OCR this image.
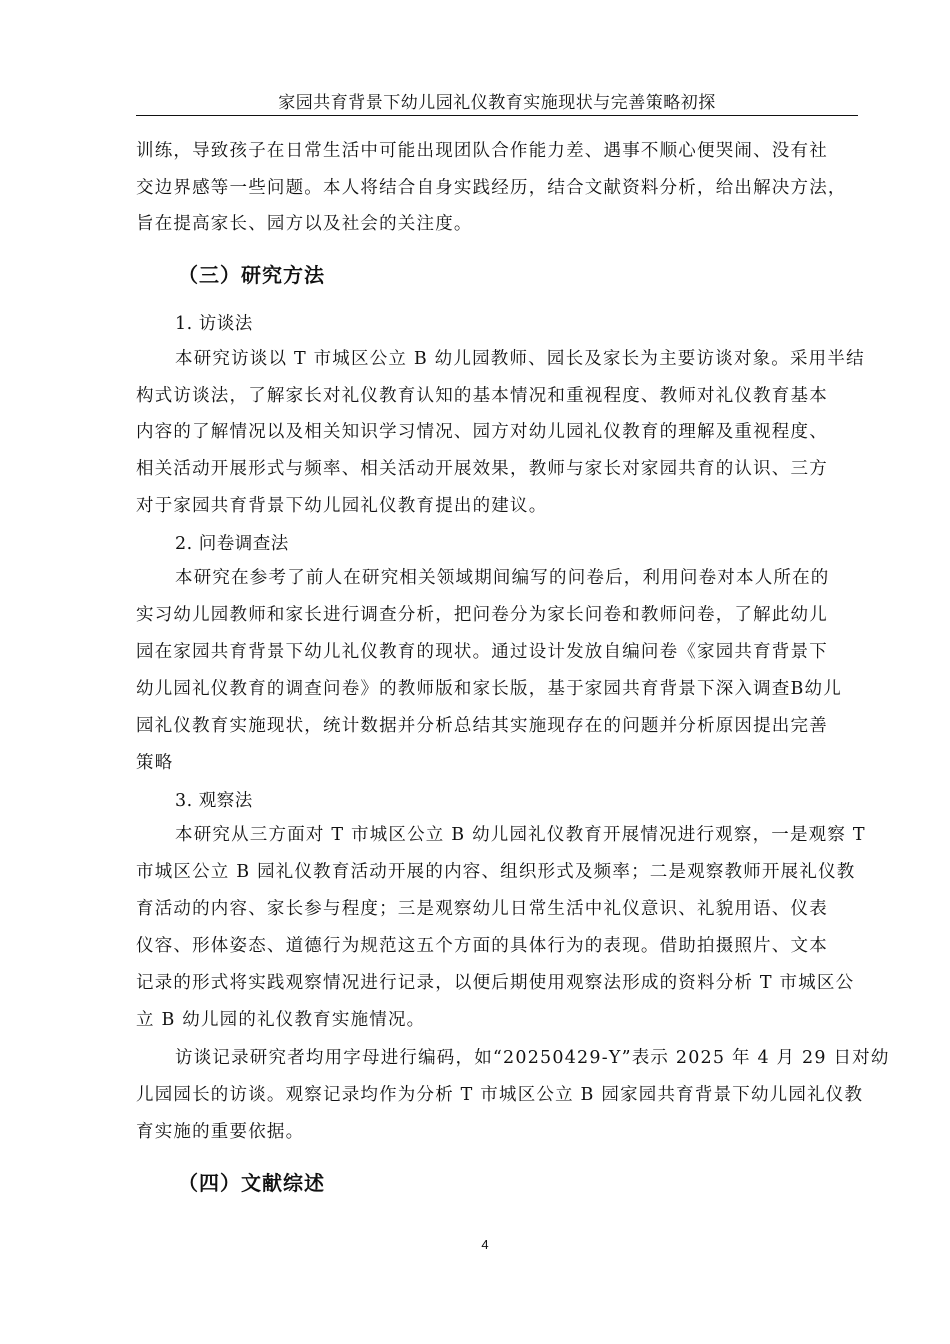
家园共育背景下幼儿园礼仪教育实施现状与完善策略初探
训练，导致孩子在日常生活中可能出现团队合作能力差、遇事不顺心便哭闹、没有社
交边界感等一些问题。本人将结合自身实践经历，结合文献资料分析，给出解决方法，
旨在提高家长、园方以及社会的关注度。
（三）研究方法
1. 访谈法
本研究访谈以 T 市城区公立 B 幼儿园教师、园长及家长为主要访谈对象。采用半结
构式访谈法，了解家长对礼仪教育认知的基本情况和重视程度、教师对礼仪教育基本
内容的了解情况以及相关知识学习情况、园方对幼儿园礼仪教育的理解及重视程度、
相关活动开展形式与频率、相关活动开展效果，教师与家长对家园共育的认识、三方
对于家园共育背景下幼儿园礼仪教育提出的建议。
2. 问卷调查法
本研究在参考了前人在研究相关领域期间编写的问卷后，利用问卷对本人所在的
实习幼儿园教师和家长进行调查分析，把问卷分为家长问卷和教师问卷，了解此幼儿
园在家园共育背景下幼儿礼仪教育的现状。通过设计发放自编问卷《家园共育背景下
幼儿园礼仪教育的调查问卷》的教师版和家长版，基于家园共育背景下深入调查B幼儿
园礼仪教育实施现状，统计数据并分析总结其实施现存在的问题并分析原因提出完善
策略
3. 观察法
本研究从三方面对 T 市城区公立 B 幼儿园礼仪教育开展情况进行观察，一是观察 T
市城区公立 B 园礼仪教育活动开展的内容、组织形式及频率；二是观察教师开展礼仪教
育活动的内容、家长参与程度；三是观察幼儿日常生活中礼仪意识、礼貌用语、仪表
仪容、形体姿态、道德行为规范这五个方面的具体行为的表现。借助拍摄照片、文本
记录的形式将实践观察情况进行记录，以便后期使用观察法形成的资料分析 T 市城区公
立 B 幼儿园的礼仪教育实施情况。
访谈记录研究者均用字母进行编码，如“20250429-Y”表示 2025 年 4 月 29 日对幼
儿园园长的访谈。观察记录均作为分析 T 市城区公立 B 园家园共育背景下幼儿园礼仪教
育实施的重要依据。
（四）文献综述
4
